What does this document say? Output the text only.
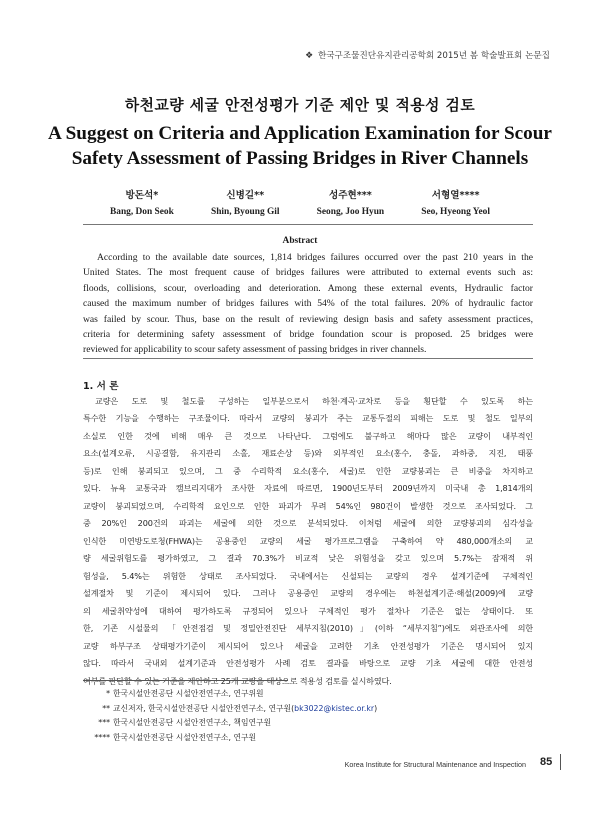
❖ 한국구조물진단유지관리공학회 2015년 봄 학술발표회 논문집
하천교량 세굴 안전성평가 기준 제안 및 적용성 검토
A Suggest on Criteria and Application Examination for Scour
Safety Assessment of Passing Bridges in River Channels
방돈석*
Bang, Don Seok
신병길**
Shin, Byoung Gil
성주현***
Seong, Joo Hyun
서형열****
Seo, Hyeong Yeol
Abstract
According to the available date sources, 1,814 bridges failures occurred over the past 210 years in the
United States. The most frequent cause of bridges failures were attributed to external events such as:
floods, collisions, scour, overloading and deterioration. Among these external events, Hydraulic factor
caused the maximum number of bridges failures with 54% of the total failures. 20% of hydraulic factor
was failed by scour. Thus, base on the result of reviewing design basis and safety assessment practices,
criteria for determining safety assessment of bridge foundation scour is proposed. 25 bridges were
reviewed for applicability to scour safety assessment of passing bridges in river channels.
1. 서 론
교량은 도로 및 철도를 구성하는 일부분으로서 하천·계곡·교차로 등을 횡단할 수 있도록 하는
특수한 기능을 수행하는 구조물이다. 따라서 교량의 붕괴가 주는 교통두절의 피해는 도로 및 철도 일부의
소실로 인한 것에 비해 매우 큰 것으로 나타난다. 그럼에도 불구하고 해마다 많은 교량이 내부적인
요소(설계오류, 시공결함, 유지관리 소홀, 재료손상 등)와 외부적인 요소(홍수, 충돌, 과하중, 지진, 태풍
등)로 인해 붕괴되고 있으며, 그 중 수리학적 요소(홍수, 세굴)로 인한 교량붕괴는 큰 비중을 차지하고
있다. 뉴욕 교통국과 캠브리지대가 조사한 자료에 따르면, 1900년도부터 2009년까지 미국내 총 1,814개의
교량이 붕괴되었으며, 수리학적 요인으로 인한 파괴가 무려 54%인 980건이 발생한 것으로 조사되었다. 그
중 20%인 200건의 파괴는 세굴에 의한 것으로 분석되었다. 이처럼 세굴에 의한 교량붕괴의 심각성을
인식한 미연방도로청(FHWA)는 공용중인 교량의 세굴 평가프로그램을 구축하여 약 480,000개소의 교
량 세굴위험도를 평가하였고, 그 결과 70.3%가 비교적 낮은 위험성을 갖고 있으며 5.7%는 잠재적 위
험성을, 5.4%는 위험한 상태로 조사되었다. 국내에서는 신설되는 교량의 경우 설계기준에 구체적인
설계절차 및 기준이 제시되어 있다. 그러나 공용중인 교량의 경우에는 하천설계기준·해설(2009)에 교량
의 세굴취약성에 대하여 평가하도록 규정되어 있으나 구체적인 평가 절차나 기준은 없는 상태이다. 또
한, 기존 시설물의 「안전점검 및 정밀안전진단 세부지침(2010)」(이하 “세부지침”)에도 외관조사에 의한
교량 하부구조 상태평가기준이 제시되어 있으나 세굴을 고려한 기초 안전성평가 기준은 명시되어 있지
않다. 따라서 국내외 설계기준과 안전성평가 사례 검토 결과를 바탕으로 교량 기초 세굴에 대한 안전성
여부를 판단할 수 있는 기준을 제안하고 25개 교량을 대상으로 적용성 검토를 실시하였다.
* 한국시설안전공단 시설안전연구소, 연구위원
** 교신저자, 한국시설안전공단 시설안전연구소, 연구원(bk3022@kistec.or.kr)
*** 한국시설안전공단 시설안전연구소, 책임연구원
**** 한국시설안전공단 시설안전연구소, 연구원
Korea Institute for Structural Maintenance and Inspection 85
